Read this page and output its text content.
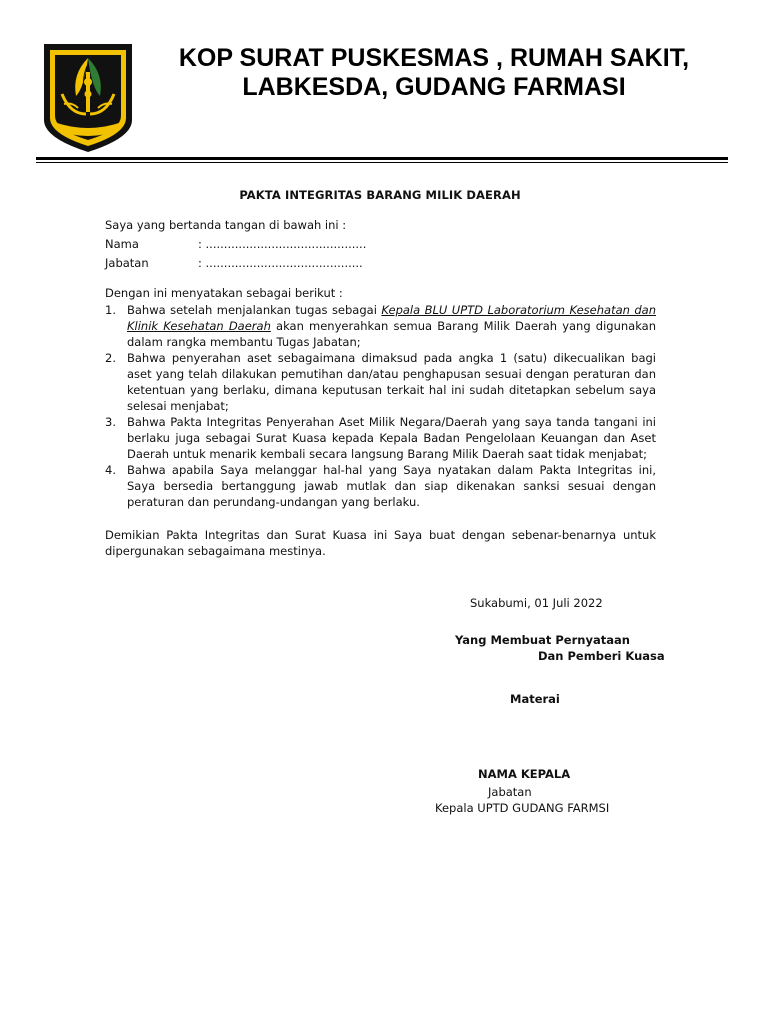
KOP SURAT PUSKESMAS , RUMAH SAKIT,
LABKESDA, GUDANG FARMASI
PAKTA INTEGRITAS BARANG MILIK DAERAH
Saya yang bertanda tangan di bawah ini :
Nama	: ............................................
Jabatan	: ...........................................
Dengan ini menyatakan sebagai berikut :
1. Bahwa setelah menjalankan tugas sebagai Kepala BLU UPTD Laboratorium Kesehatan dan Klinik Kesehatan Daerah akan menyerahkan semua Barang Milik Daerah yang digunakan dalam rangka membantu Tugas Jabatan;
2. Bahwa penyerahan aset sebagaimana dimaksud pada angka 1 (satu) dikecualikan bagi aset yang telah dilakukan pemutihan dan/atau penghapusan sesuai dengan peraturan dan ketentuan yang berlaku, dimana keputusan terkait hal ini sudah ditetapkan sebelum saya selesai menjabat;
3. Bahwa Pakta Integritas Penyerahan Aset Milik Negara/Daerah yang saya tanda tangani ini berlaku juga sebagai Surat Kuasa kepada Kepala Badan Pengelolaan Keuangan dan Aset Daerah untuk menarik kembali secara langsung Barang Milik Daerah saat tidak menjabat;
4. Bahwa apabila Saya melanggar hal-hal yang Saya nyatakan dalam Pakta Integritas ini, Saya bersedia bertanggung jawab mutlak dan siap dikenakan sanksi sesuai dengan peraturan dan perundang-undangan yang berlaku.
Demikian Pakta Integritas dan Surat Kuasa ini Saya buat dengan sebenar-benarnya untuk dipergunakan sebagaimana mestinya.
Sukabumi, 01 Juli 2022
Yang Membuat Pernyataan
Dan Pemberi Kuasa
Materai
NAMA KEPALA
Jabatan
Kepala UPTD GUDANG FARMSI
